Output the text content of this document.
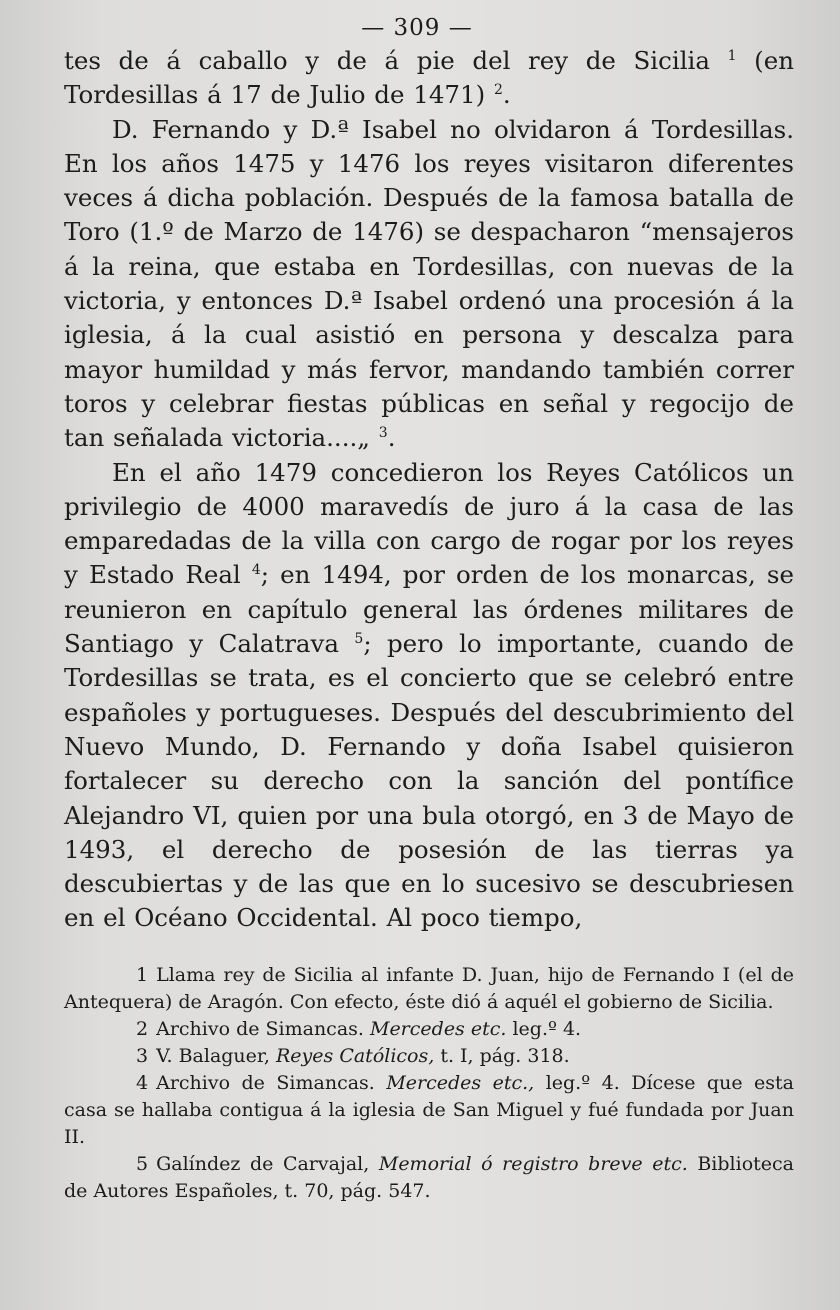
— 309 —

tes de á caballo y de á pie del rey de Sicilia $^1$ (en Tordesillas á 17 de Julio de 1471) $^2$.

D. Fernando y D.ª Isabel no olvidaron á Tordesillas. En los años 1475 y 1476 los reyes visitaron diferentes veces á dicha población. Después de la famosa batalla de Toro (1.º de Marzo de 1476) se despacharon “mensajeros á la reina, que estaba en Tordesillas, con nuevas de la victoria, y entonces D.ª Isabel ordenó una procesión á la iglesia, á la cual asistió en persona y descalza para mayor humildad y más fervor, mandando también correr toros y celebrar fiestas públicas en señal y regocijo de tan señalada victoria....„ $^3$.

En el año 1479 concedieron los Reyes Católicos un privilegio de 4000 maravedís de juro á la casa de las emparedadas de la villa con cargo de rogar por los reyes y Estado Real $^4$; en 1494, por orden de los monarcas, se reunieron en capítulo general las órdenes militares de Santiago y Calatrava $^5$; pero lo importante, cuando de Tordesillas se trata, es el concierto que se celebró entre españoles y portugueses. Después del descubrimiento del Nuevo Mundo, D. Fernando y doña Isabel quisieron fortalecer su derecho con la sanción del pontífice Alejandro VI, quien por una bula otorgó, en 3 de Mayo de 1493, el derecho de posesión de las tierras ya descubiertas y de las que en lo sucesivo se descubriesen en el Océano Occidental. Al poco tiempo,

1 Llama rey de Sicilia al infante D. Juan, hijo de Fernando I (el de Antequera) de Aragón. Con efecto, éste dió á aquél el gobierno de Sicilia.

2 Archivo de Simancas. Mercedes etc. leg.º 4.

3 V. Balaguer, Reyes Católicos, t. I, pág. 318.

4 Archivo de Simancas. Mercedes etc., leg.º 4. Dícese que esta casa se hallaba contigua á la iglesia de San Miguel y fué fundada por Juan II.

5 Galíndez de Carvajal, Memorial ó registro breve etc. Biblioteca de Autores Españoles, t. 70, pág. 547.
